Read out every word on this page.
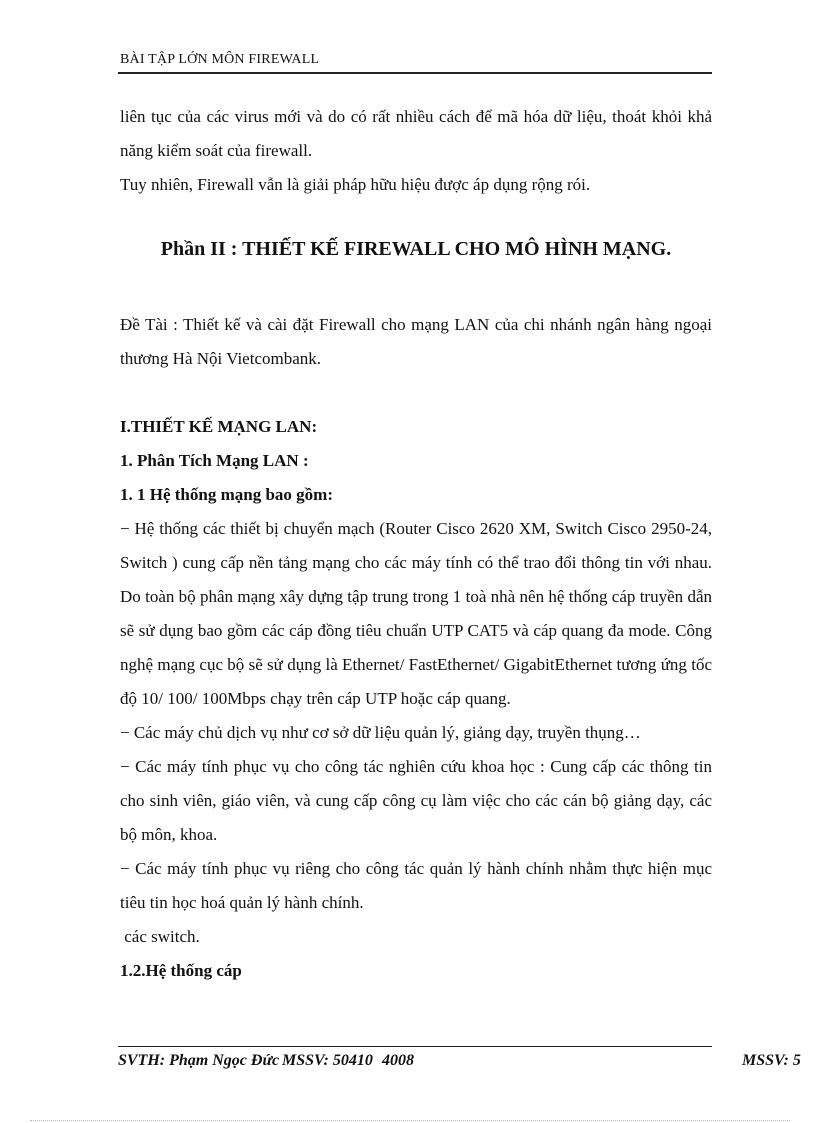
BÀI TẬP LỚN MÔN FIREWALL

liên tục của các virus mới và do có rất nhiều cách để mã hóa dữ liệu, thoát khỏi khả năng kiểm soát của firewall.

Tuy nhiên, Firewall vẫn là giải pháp hữu hiệu được áp dụng rộng rói.

Phần II : THIẾT KẾ FIREWALL CHO MÔ HÌNH MẠNG.

Đề Tài : Thiết kế và cài đặt Firewall cho mạng LAN của chi nhánh ngân hàng ngoại thương Hà Nội Vietcombank.

I.THIẾT KẾ MẠNG LAN:

1. Phân Tích Mạng LAN :

1. 1 Hệ thống mạng bao gồm:

− Hệ thống các thiết bị chuyển mạch (Router Cisco 2620 XM, Switch Cisco 2950-24, Switch ) cung cấp nền tảng mạng cho các máy tính có thể trao đổi thông tin với nhau. Do toàn bộ phân mạng xây dựng tập trung trong 1 toà nhà nên hệ thống cáp truyền dẫn sẽ sử dụng bao gồm các cáp đồng tiêu chuẩn UTP CAT5 và cáp quang đa mode. Công nghệ mạng cục bộ sẽ sử dụng là Ethernet/ FastEthernet/ GigabitEthernet tương ứng tốc độ 10/ 100/ 100Mbps chạy trên cáp UTP hoặc cáp quang.

− Các máy chủ dịch vụ như cơ sở dữ liệu quản lý, giảng dạy, truyền thụng…

− Các máy tính phục vụ cho công tác nghiên cứu khoa học : Cung cấp các thông tin cho sinh viên, giáo viên, và cung cấp công cụ làm việc cho các cán bộ giảng dạy, các bộ môn, khoa.

− Các máy tính phục vụ riêng cho công tác quản lý hành chính nhằm thực hiện mục tiêu tin học hoá quản lý hành chính.

các switch.

1.2.Hệ thống cáp

SVTH: Phạm Ngọc Đức MSSV: 50410 4008	MSSV: 5
